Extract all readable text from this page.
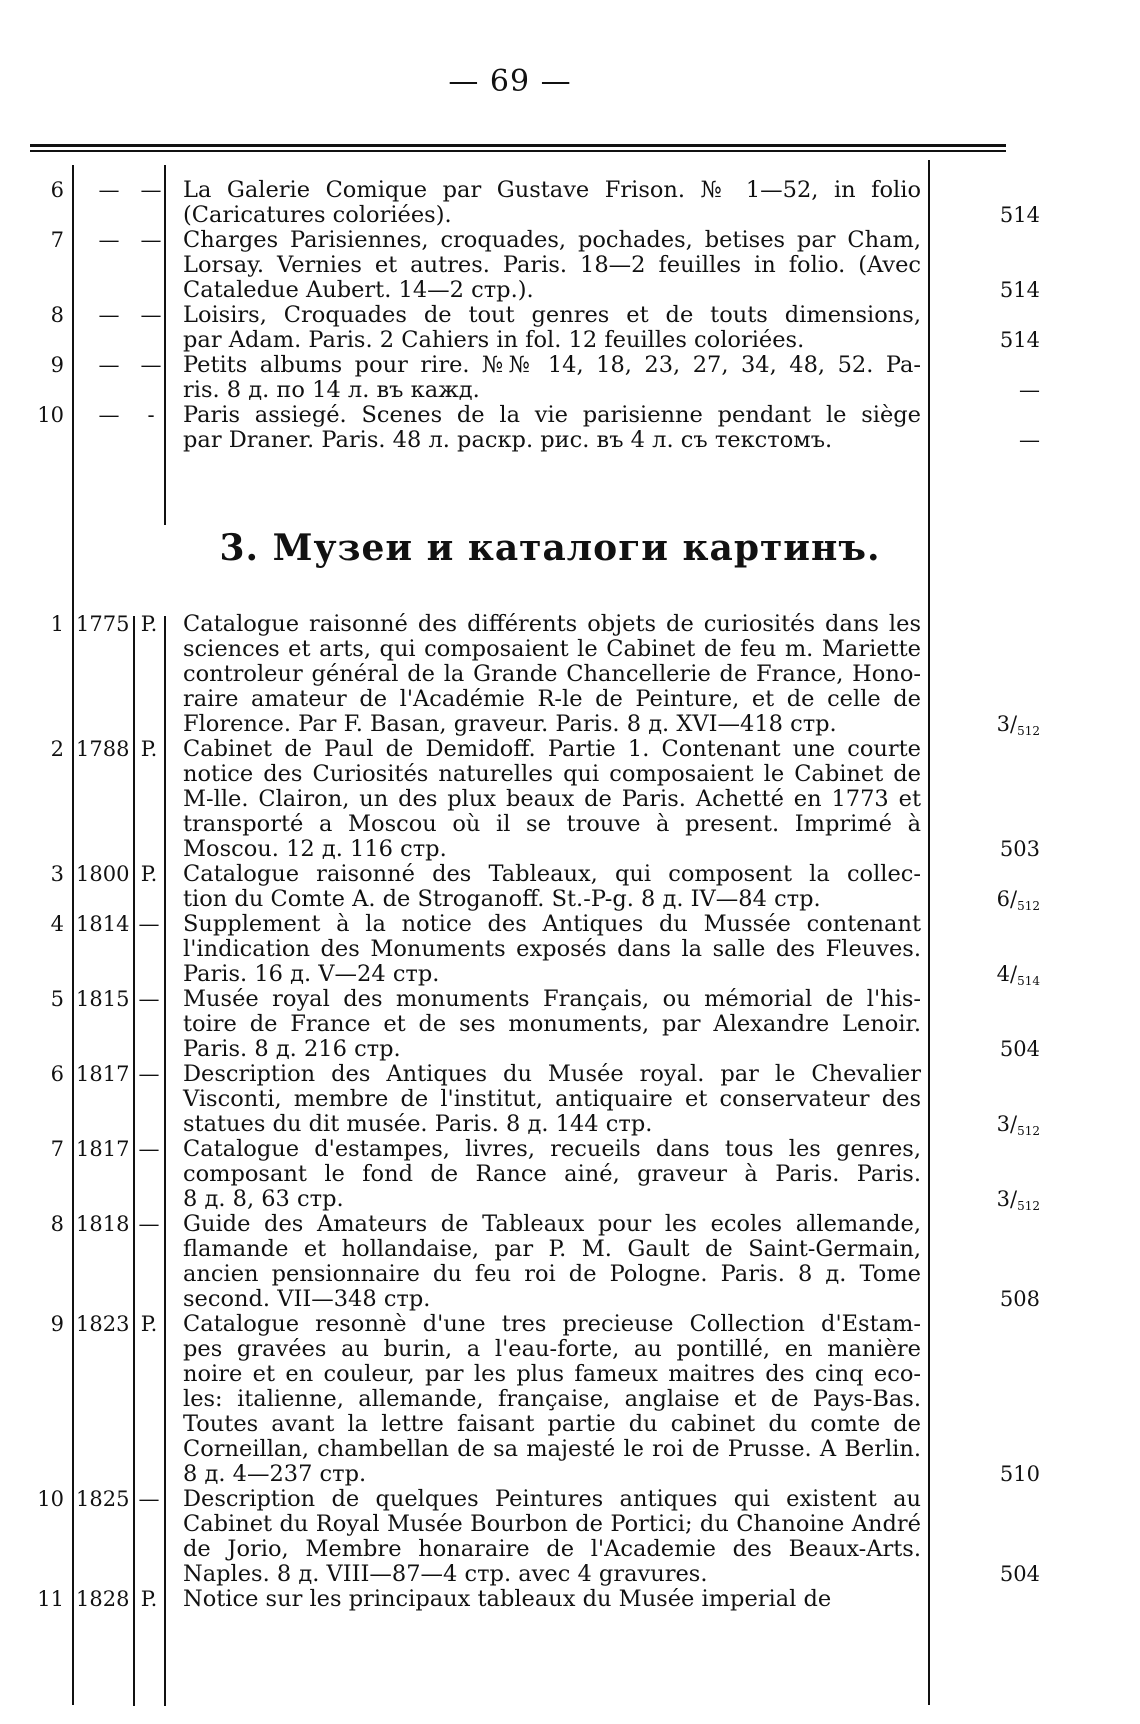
— 69 —
3. Музеи и каталоги картинъ.
6 — — La Galerie Comique par Gustave Frison. № 1—52, in folio
(Caricatures coloriées).	514
7 — — Charges Parisiennes, croquades, pochades, betises par Cham,
Lorsay. Vernies et autres. Paris. 18—2 feuilles in folio. (Avec
Cataledue Aubert. 14—2 стр.).	514
8 — — Loisirs, Croquades de tout genres et de touts dimensions,
par Adam. Paris. 2 Cahiers in fol. 12 feuilles coloriées.	514
9 — — Petits albums pour rire. №№ 14, 18, 23, 27, 34, 48, 52. Pa-
ris. 8 д. по 14 л. въ кажд.	—
10 —	-	Paris assiegé. Scenes de la vie parisienne pendant le siège
par Draner. Paris. 48 л. раскр. рис. въ 4 л. съ текстомъ.	—
1 1775 P. Catalogue raisonné des différents objets de curiosités dans les
sciences et arts, qui composaient le Cabinet de feu m. Mariette
controleur général de la Grande Chancellerie de France, Hono-
raire amateur de l'Académie R-le de Peinture, et de celle de
Florence. Par F. Basan, graveur. Paris. 8 д. XVI—418 стр.	$3/_{512}$
2 1788 P. Cabinet de Paul de Demidoff. Partie 1. Contenant une courte
notice des Curiosités naturelles qui composaient le Cabinet de
M-lle. Clairon, un des plux beaux de Paris. Achetté en 1773 et
transporté a Moscou où il se trouve à present. Imprimé à
Moscou. 12 д. 116 стр.	503
3 1800 P. Catalogue raisonné des Tableaux, qui composent la collec-
tion du Comte A. de Stroganoff. St.-P-g. 8 д. IV—84 стр.	$6/_{512}$
4 1814 — Supplement à la notice des Antiques du Mussée contenant
l'indication des Monuments exposés dans la salle des Fleuves.
Paris. 16 д. V—24 стр.	$4/_{514}$
5 1815 — Musée royal des monuments Français, ou mémorial de l'his-
toire de France et de ses monuments, par Alexandre Lenoir.
Paris. 8 д. 216 стр.	504
6 1817 — Description des Antiques du Musée royal. par le Chevalier
Visconti, membre de l'institut, antiquaire et conservateur des
statues du dit musée. Paris. 8 д. 144 стр.	$3/_{512}$
7 1817 — Catalogue d'estampes, livres, recueils dans tous les genres,
composant le fond de Rance ainé, graveur à Paris. Paris.
8 д. 8, 63 стр.	$3/_{512}$
8 1818 — Guide des Amateurs de Tableaux pour les ecoles allemande,
flamande et hollandaise, par P. M. Gault de Saint-Germain,
ancien pensionnaire du feu roi de Pologne. Paris. 8 д. Tome
second. VII—348 стр.	508
9 1823 P. Catalogue resonnè d'une tres precieuse Collection d'Estam-
pes gravées au burin, a l'eau-forte, au pontillé, en manière
noire et en couleur, par les plus fameux maitres des cinq eco-
les: italienne, allemande, française, anglaise et de Pays-Bas.
Toutes avant la lettre faisant partie du cabinet du comte de
Corneillan, chambellan de sa majesté le roi de Prusse. A Berlin.
8 д. 4—237 стр.	510
10 1825 — Description de quelques Peintures antiques qui existent au
Cabinet du Royal Musée Bourbon de Portici; du Chanoine André
de Jorio, Membre honaraire de l'Academie des Beaux-Arts.
Naples. 8 д. VIII—87—4 стр. avec 4 gravures.	504
11 1828 P. Notice sur les principaux tableaux du Musée imperial de
